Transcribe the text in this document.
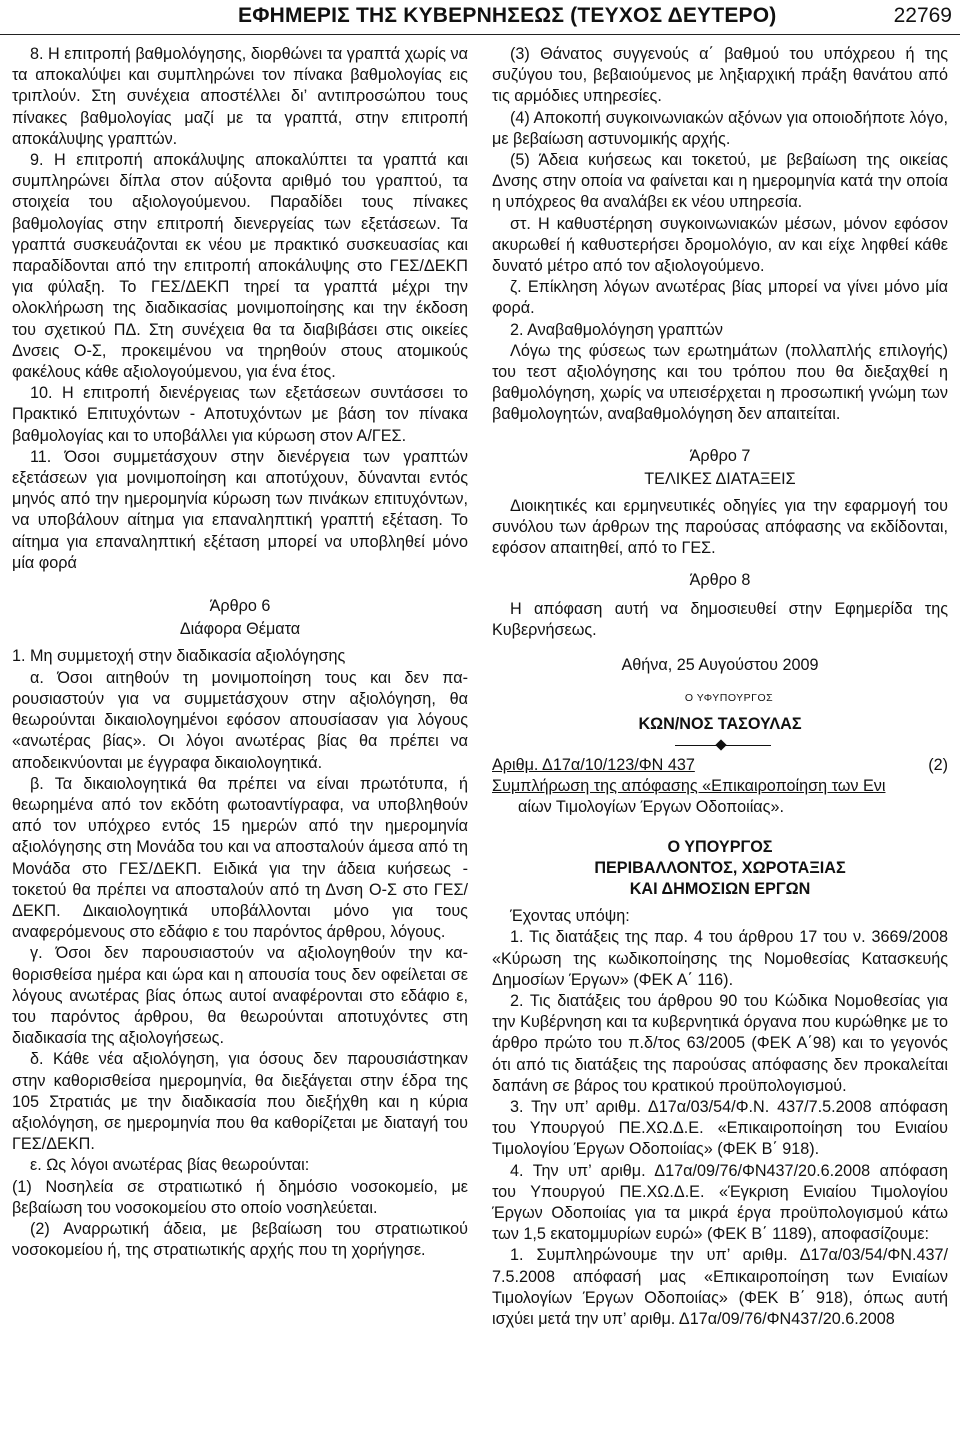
ΕΦΗΜΕΡΙΣ ΤΗΣ ΚΥΒΕΡΝΗΣΕΩΣ (ΤΕΥΧΟΣ ΔΕΥΤΕΡΟ)	22769

8. Η επιτροπή βαθμολόγησης, διορθώνει τα γραπτά χωρίς να τα αποκαλύψει και συμπληρώνει τον πίνακα βαθμολογίας εις τριπλούν. Στη συνέχεια αποστέλλει δι’ αντιπροσώπου τους πίνακες βαθμολογίας μαζί με τα γραπτά, στην επιτροπή αποκάλυψης γραπτών.

9. Η επιτροπή αποκάλυψης αποκαλύπτει τα γραπτά και συμπληρώνει δίπλα στον αύξοντα αριθμό του γραπτού, τα στοιχεία του αξιολογούμενου. Παραδίδει τους πίνακες βαθμολογίας στην επιτροπή διενεργείας των εξετάσεων. Τα γραπτά συσκευάζονται εκ νέου με πρακτικό συσκευασίας και παραδίδονται από την επιτροπή αποκάλυψης στο ΓΕΣ/ΔΕΚΠ για φύλαξη. Το ΓΕΣ/ΔΕΚΠ τηρεί τα γραπτά μέχρι την ολοκλήρωση της διαδικασίας μονιμοποίησης και την έκδοση του σχετικού ΠΔ. Στη συνέχεια θα τα διαβιβάσει στις οικείες Δνσεις Ο-Σ, προκειμένου να τηρηθούν στους ατομικούς φακέλους κάθε αξιολογούμενου, για ένα έτος.

10. Η επιτροπή διενέργειας των εξετάσεων συντάσσει το Πρακτικό Επιτυχόντων - Αποτυχόντων με βάση τον πίνακα βαθμολογίας και το υποβάλλει για κύρωση στον Α/ΓΕΣ.

11. Όσοι συμμετάσχουν στην διενέργεια των γραπτών εξετάσεων για μονιμοποίηση και αποτύχουν, δύνανται εντός μηνός από την ημερομηνία κύρωση των πινάκων επιτυχόντων, να υποβάλουν αίτημα για επαναληπτική γραπτή εξέταση. Το αίτημα για επαναληπτική εξέταση μπορεί να υποβληθεί μόνο μία φορά

Άρθρο 6

Διάφορα Θέματα

1. Μη συμμετοχή στην διαδικασία αξιολόγησης

α. Όσοι αιτηθούν τη μονιμοποίηση τους και δεν παρουσιαστούν για να συμμετάσχουν στην αξιολόγηση, θα θεωρούνται δικαιολογημένοι εφόσον απουσίασαν για λόγους «ανωτέρας βίας». Οι λόγοι ανωτέρας βίας θα πρέπει να αποδεικνύονται με έγγραφα δικαιολογητικά.

β. Τα δικαιολογητικά θα πρέπει να είναι πρωτότυπα, ή θεωρημένα από τον εκδότη φωτοαντίγραφα, να υποβληθούν από τον υπόχρεο εντός 15 ημερών από την ημερομηνία αξιολόγησης στη Μονάδα του και να αποσταλούν άμεσα από τη Μονάδα στο ΓΕΣ/ΔΕΚΠ. Ειδικά για την άδεια κυήσεως - τοκετού θα πρέπει να αποσταλούν από τη Δνση Ο-Σ στο ΓΕΣ/ΔΕΚΠ. Δικαιολογητικά υποβάλλονται μόνο για τους αναφερόμενους στο εδάφιο ε του παρόντος άρθρου, λόγους.

γ. Όσοι δεν παρουσιαστούν να αξιολογηθούν την καθορισθείσα ημέρα και ώρα και η απουσία τους δεν οφείλεται σε λόγους ανωτέρας βίας όπως αυτοί αναφέρονται στο εδάφιο ε, του παρόντος άρθρου, θα θεωρούνται αποτυχόντες στη διαδικασία της αξιολογήσεως.

δ. Κάθε νέα αξιολόγηση, για όσους δεν παρουσιάστηκαν στην καθορισθείσα ημερομηνία, θα διεξάγεται στην έδρα της 105 Στρατιάς με την διαδικασία που διεξήχθη και η κύρια αξιολόγηση, σε ημερομηνία που θα καθορίζεται με διαταγή του ΓΕΣ/ΔΕΚΠ.

ε. Ως λόγοι ανωτέρας βίας θεωρούνται:

(1) Νοσηλεία σε στρατιωτικό ή δημόσιο νοσοκομείο, με βεβαίωση του νοσοκομείου στο οποίο νοσηλεύεται.

(2) Αναρρωτική άδεια, με βεβαίωση του στρατιωτικού νοσοκομείου ή, της στρατιωτικής αρχής που τη χορήγησε.

(3) Θάνατος συγγενούς α΄ βαθμού του υπόχρεου ή της συζύγου του, βεβαιούμενος με ληξιαρχική πράξη θανάτου από τις αρμόδιες υπηρεσίες.

(4) Αποκοπή συγκοινωνιακών αξόνων για οποιοδήποτε λόγο, με βεβαίωση αστυνομικής αρχής.

(5) Άδεια κυήσεως και τοκετού, με βεβαίωση της οικείας Δνσης στην οποία να φαίνεται και η ημερομηνία κατά την οποία η υπόχρεος θα αναλάβει εκ νέου υπηρεσία.

στ. Η καθυστέρηση συγκοινωνιακών μέσων, μόνον εφόσον ακυρωθεί ή καθυστερήσει δρομολόγιο, αν και είχε ληφθεί κάθε δυνατό μέτρο από τον αξιολογούμενο.

ζ. Επίκληση λόγων ανωτέρας βίας μπορεί να γίνει μόνο μία φορά.

2. Αναβαθμολόγηση γραπτών

Λόγω της φύσεως των ερωτημάτων (πολλαπλής επιλογής) του τεστ αξιολόγησης και του τρόπου που θα διεξαχθεί η βαθμολόγηση, χωρίς να υπεισέρχεται η προσωπική γνώμη των βαθμολογητών, αναβαθμολόγηση δεν απαιτείται.

Άρθρο 7

ΤΕΛΙΚΕΣ ΔΙΑΤΑΞΕΙΣ

Διοικητικές και ερμηνευτικές οδηγίες για την εφαρμογή του συνόλου των άρθρων της παρούσας απόφασης να εκδίδονται, εφόσον απαιτηθεί, από το ΓΕΣ.

Άρθρο 8

Η απόφαση αυτή να δημοσιευθεί στην Εφημερίδα της Κυβερνήσεως.

Αθήνα, 25 Αυγούστου 2009

Ο ΥΦΥΠΟΥΡΓΟΣ

ΚΩΝ/ΝΟΣ ΤΑΣΟΥΛΑΣ

Αριθμ. Δ17α/10/123/ΦΝ 437	(2)

Συμπλήρωση της απόφασης «Επικαιροποίηση των Ενι

αίων Τιμολογίων Έργων Οδοποιίας».

Ο ΥΠΟΥΡΓΟΣ

ΠΕΡΙΒΑΛΛΟΝΤΟΣ, ΧΩΡΟΤΑΞΙΑΣ

ΚΑΙ ΔΗΜΟΣΙΩΝ ΕΡΓΩΝ

Έχοντας υπόψη:

1. Τις διατάξεις της παρ. 4 του άρθρου 17 του ν. 3669/2008 «Κύρωση της κωδικοποίησης της Νομοθεσίας Κατασκευής Δημοσίων Έργων» (ΦΕΚ Α΄ 116).

2. Τις διατάξεις του άρθρου 90 του Κώδικα Νομοθεσίας για την Κυβέρνηση και τα κυβερνητικά όργανα που κυρώθηκε με το άρθρο πρώτο του π.δ/τος 63/2005 (ΦΕΚ Α΄98) και το γεγονός ότι από τις διατάξεις της παρούσας απόφασης δεν προκαλείται δαπάνη σε βάρος του κρατικού προϋπολογισμού.

3. Την υπ’ αριθμ. Δ17α/03/54/Φ.Ν. 437/7.5.2008 απόφαση του Υπουργού ΠΕ.ΧΩ.Δ.Ε. «Επικαιροποίηση του Ενιαίου Τιμολογίου Έργων Οδοποιίας» (ΦΕΚ Β΄ 918).

4. Την υπ’ αριθμ. Δ17α/09/76/ΦΝ437/20.6.2008 απόφαση του Υπουργού ΠΕ.ΧΩ.Δ.Ε. «Έγκριση Ενιαίου Τιμολογίου Έργων Οδοποιίας για τα μικρά έργα προϋπολογισμού κάτω των 1,5 εκατομμυρίων ευρώ» (ΦΕΚ Β΄ 1189), αποφασίζουμε:

1. Συμπληρώνουμε την υπ’ αριθμ. Δ17α/03/54/ΦΝ.437/ 7.5.2008 απόφασή μας «Επικαιροποίηση των Ενιαίων Τιμολογίων Έργων Οδοποιίας» (ΦΕΚ Β΄ 918), όπως αυτή ισχύει μετά την υπ’ αριθμ. Δ17α/09/76/ΦΝ437/20.6.2008
